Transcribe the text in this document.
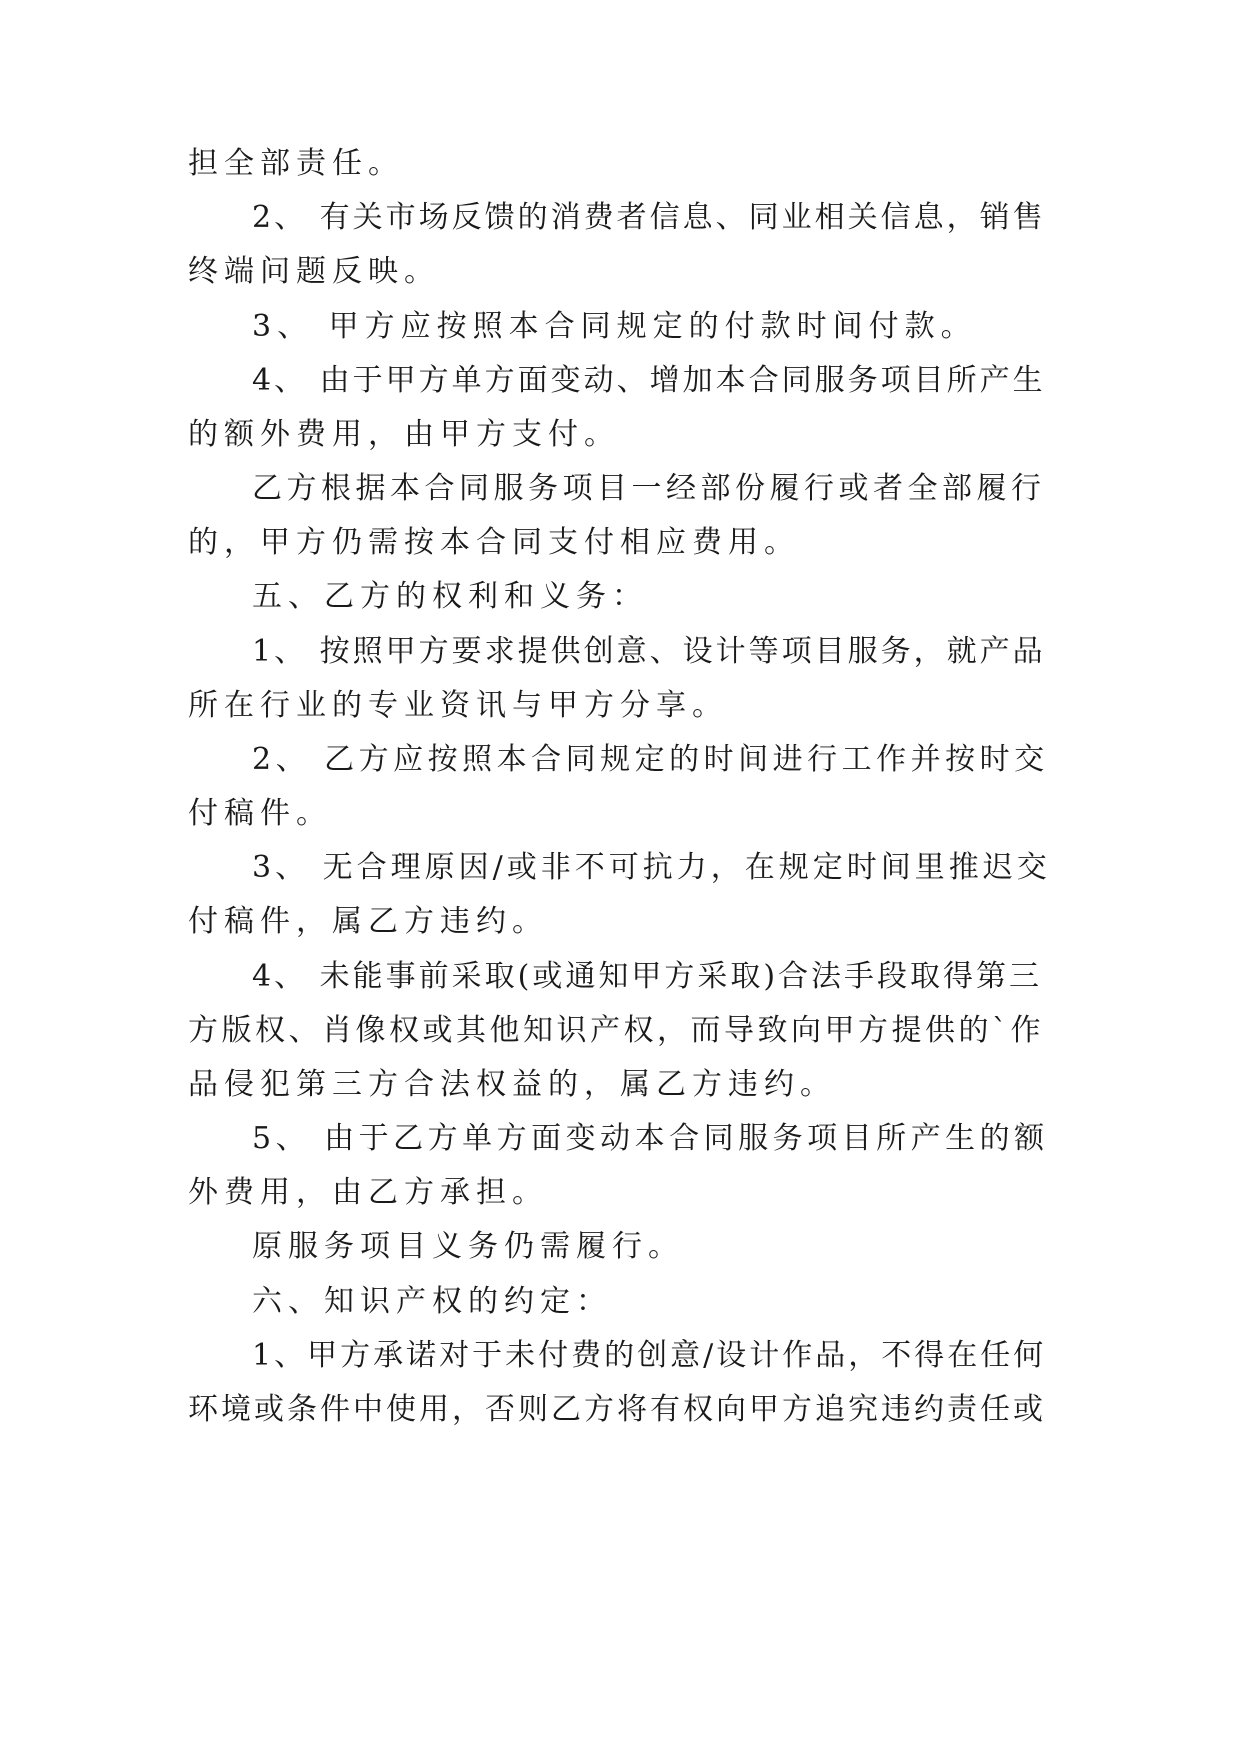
担全部责任。
2、 有关市场反馈的消费者信息、同业相关信息，销售
终端问题反映。
3、 甲方应按照本合同规定的付款时间付款。
4、 由于甲方单方面变动、增加本合同服务项目所产生
的额外费用，由甲方支付。
乙方根据本合同服务项目一经部份履行或者全部履行
的，甲方仍需按本合同支付相应费用。
五、乙方的权利和义务：
1、 按照甲方要求提供创意、设计等项目服务，就产品
所在行业的专业资讯与甲方分享。
2、 乙方应按照本合同规定的时间进行工作并按时交
付稿件。
3、 无合理原因/或非不可抗力，在规定时间里推迟交
付稿件，属乙方违约。
4、 未能事前采取(或通知甲方采取)合法手段取得第三
方版权、肖像权或其他知识产权，而导致向甲方提供的`作
品侵犯第三方合法权益的，属乙方违约。
5、 由于乙方单方面变动本合同服务项目所产生的额
外费用，由乙方承担。
原服务项目义务仍需履行。
六、知识产权的约定：
1、甲方承诺对于未付费的创意/设计作品，不得在任何
环境或条件中使用，否则乙方将有权向甲方追究违约责任或
